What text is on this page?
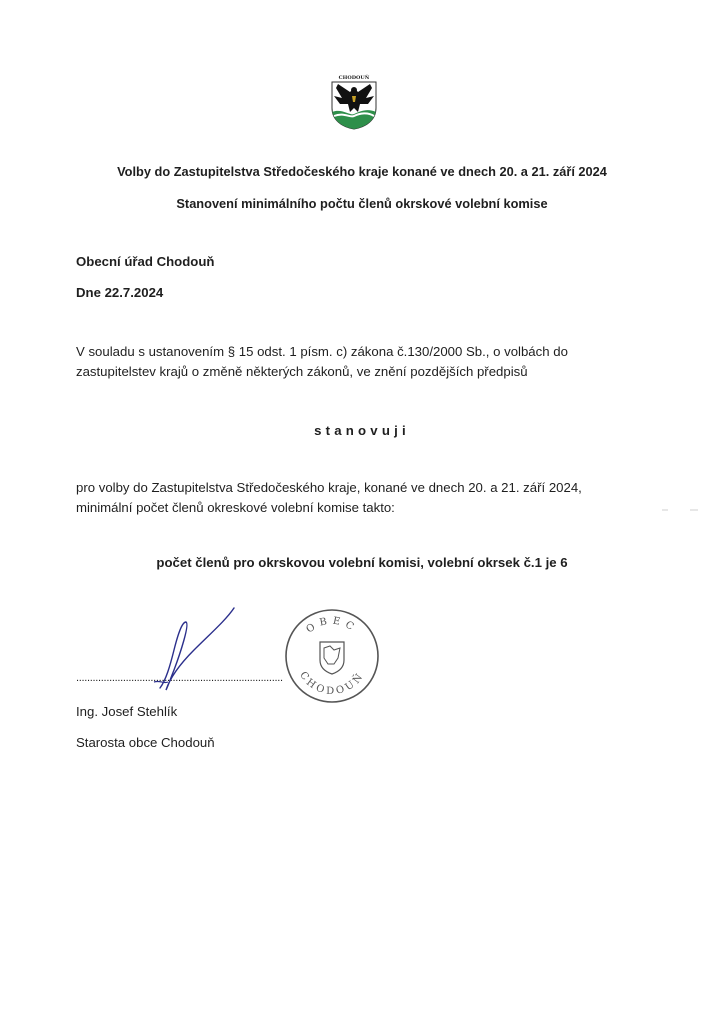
CHODOUŇ
Volby do Zastupitelstva Středočeského kraje konané ve dnech 20. a 21. září 2024
Stanovení minimálního počtu členů okrskové volební komise
Obecní úřad Chodouň
Dne 22.7.2024
V souladu s ustanovením § 15 odst. 1 písm. c) zákona č.130/2000 Sb., o volbách do
zastupitelstev krajů o změně některých zákonů, ve znění pozdějších předpisů
stanovuji
pro volby do Zastupitelstva Středočeského kraje, konané ve dnech 20. a 21. září 2024,
minimální počet členů okreskové volební komise takto:
počet členů pro okrskovou volební komisi, volební okrsek č.1 je 6
...........................................................................
OBEC
CHODOUŇ
Ing. Josef Stehlík
Starosta obce Chodouň
